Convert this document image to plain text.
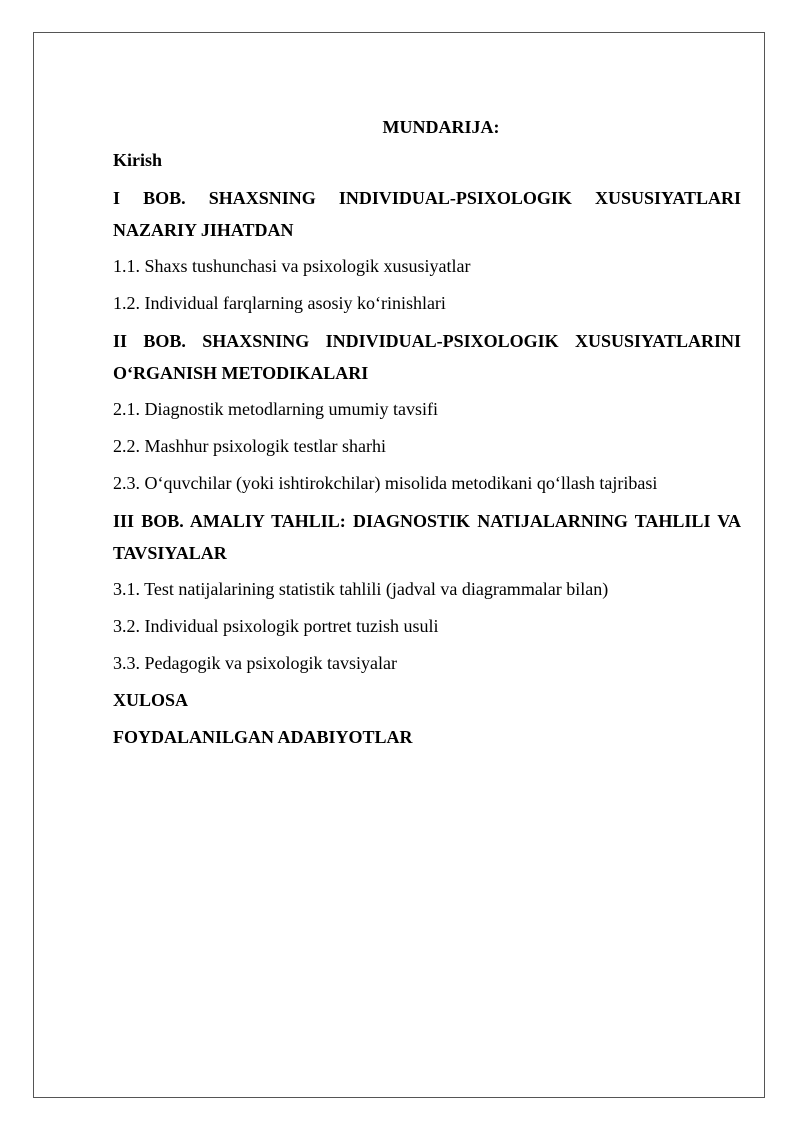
MUNDARIJA:

Kirish

I BOB. SHAXSNING INDIVIDUAL-PSIXOLOGIK XUSUSIYATLARI NAZARIY JIHATDAN

1.1. Shaxs tushunchasi va psixologik xususiyatlar

1.2. Individual farqlarning asosiy ko‘rinishlari

II BOB. SHAXSNING INDIVIDUAL-PSIXOLOGIK XUSUSIYATLARINI O‘RGANISH METODIKALARI

2.1. Diagnostik metodlarning umumiy tavsifi

2.2. Mashhur psixologik testlar sharhi

2.3. O‘quvchilar (yoki ishtirokchilar) misolida metodikani qo‘llash tajribasi

III BOB. AMALIY TAHLIL: DIAGNOSTIK NATIJALARNING TAHLILI VA TAVSIYALAR

3.1. Test natijalarining statistik tahlili (jadval va diagrammalar bilan)

3.2. Individual psixologik portret tuzish usuli

3.3. Pedagogik va psixologik tavsiyalar

XULOSA

FOYDALANILGAN ADABIYOTLAR
